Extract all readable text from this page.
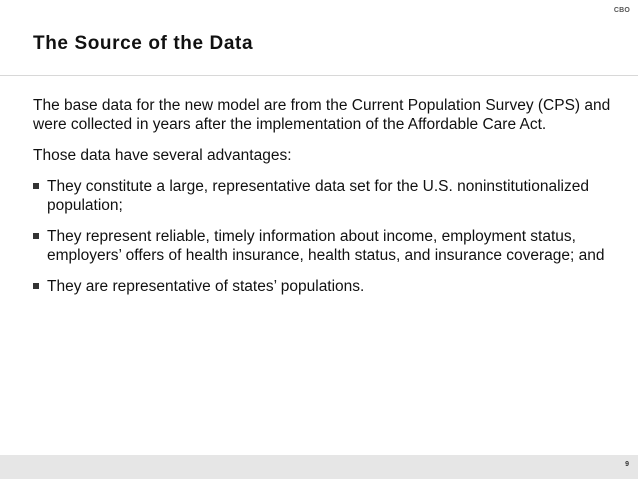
CBO
The Source of the Data

The base data for the new model are from the Current Population Survey (CPS) and were collected in years after the implementation of the Affordable Care Act.

Those data have several advantages:

They constitute a large, representative data set for the U.S. noninstitutionalized population;
They represent reliable, timely information about income, employment status, employers’ offers of health insurance, health status, and insurance coverage; and
They are representative of states’ populations.
9
